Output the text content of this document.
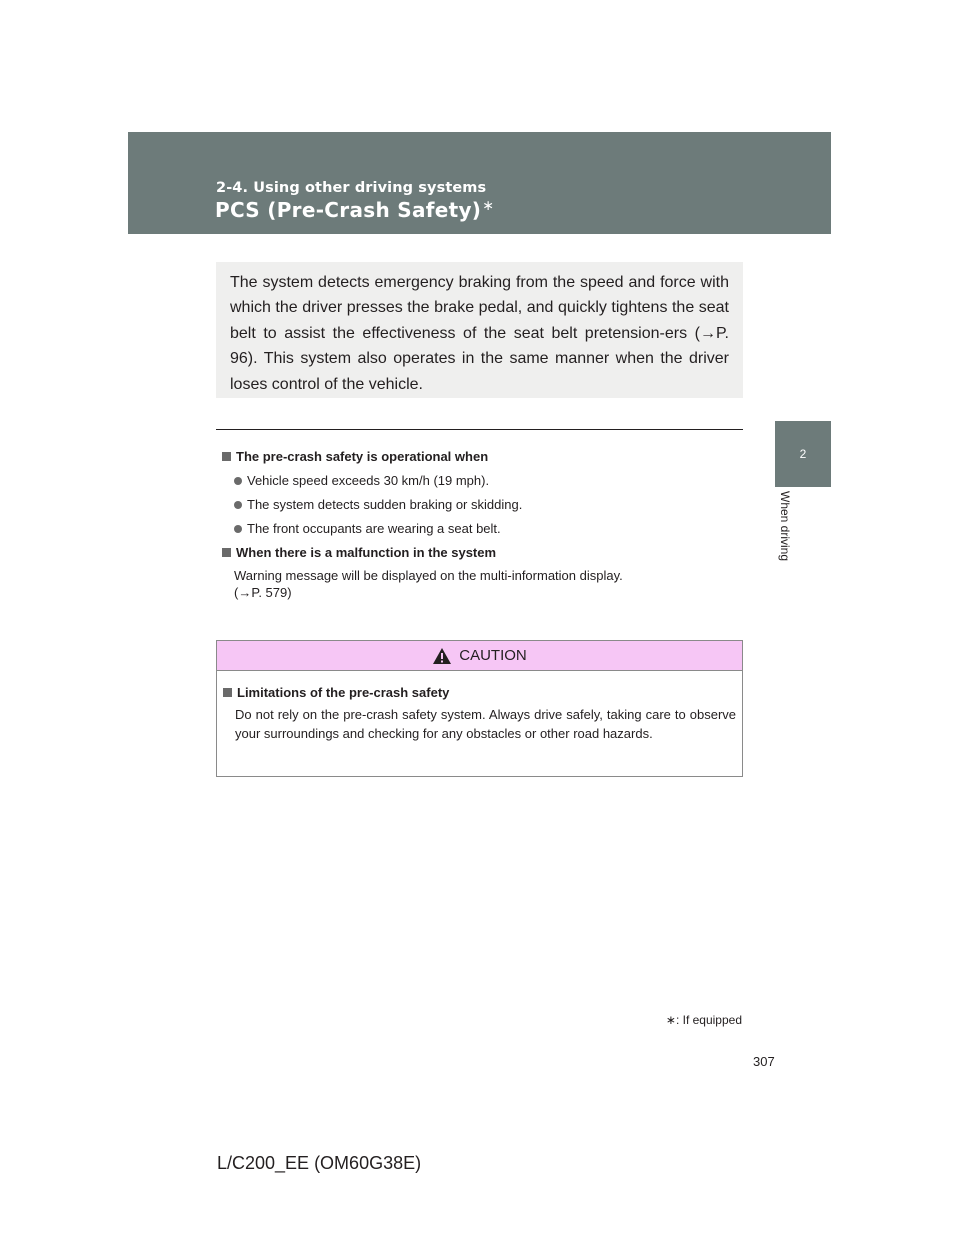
2-4. Using other driving systems
PCS (Pre-Crash Safety)∗
2
When driving

The system detects emergency braking from the speed and force with which the driver presses the brake pedal, and quickly tightens the seat belt to assist the effectiveness of the seat belt pretension-ers (→P. 96). This system also operates in the same manner when the driver loses control of the vehicle.

The pre-crash safety is operational when
Vehicle speed exceeds 30 km/h (19 mph).
The system detects sudden braking or skidding.
The front occupants are wearing a seat belt.
When there is a malfunction in the system
Warning message will be displayed on the multi-information display.
(→P. 579)
CAUTION
Limitations of the pre-crash safety

Do not rely on the pre-crash safety system. Always drive safely, taking care to observe your surroundings and checking for any obstacles or other road hazards.

∗: If equipped
307
L/C200_EE (OM60G38E)
